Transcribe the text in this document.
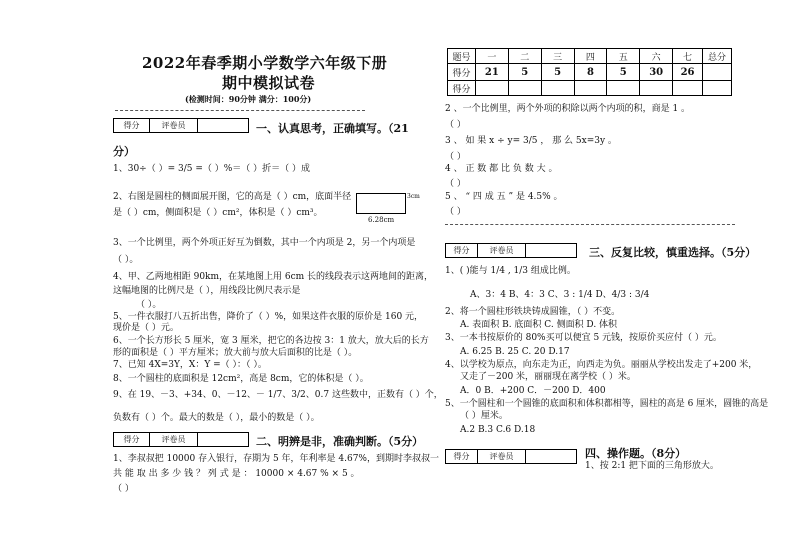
2022年春季期小学数学六年级下册
期中模拟试卷
(检测时间：90分钟 满分：100分)
得分	评卷员	一、认真思考，正确填写。（21
分）
1、30÷（ ）= 3/5 =（ ）%＝（ ）折＝（ ）成
2、右图是圆柱的侧面展开图，它的高是（ ）cm，底面半径
是（ ）cm，侧面积是（ ）cm²，体积是（ ）cm³。
3cm
6.28cm
3、一个比例里，两个外项正好互为倒数，其中一个内项是 2，另一个内项是
（ ）。
4、甲、乙两地相距 90km，在某地图上用 6cm 长的线段表示这两地间的距离，
这幅地图的比例尺是（ ），用线段比例尺表示是
（ ）。
5、一件衣服打八五折出售，降价了（ ）%，如果这件衣服的原价是 160 元，
现价是（ ）元。
6、一个长方形长 5 厘米，宽 3 厘米，把它的各边按 3：1 放大，放大后的长方
形的面积是（ ）平方厘米；放大前与放大后面积的比是（ ）。
7、已知 4X=3Y，X：Y =（ ）：（ ）。
8、一个圆柱的底面积是 12cm²，高是 8cm，它的体积是（ ）。
9、在 19、－3、+34、0、－12、－ 1/7、3/2、0.7 这些数中，正数有（ ）个，
负数有（ ）个。最大的数是（ ），最小的数是（ ）。
得分	评卷员	二、明辨是非，准确判断。（5分）
1、李叔叔把 10000 存入银行，存期为 5 年，年利率是 4.67%，到期时李叔叔一
共 能 取 出 多 少 钱 ？ 列 式 是 ： 10000 × 4.67 % × 5 。
（ ）
题号	一	二	三	四	五	六	七	总分
得分	21	5	5	8	5	30	26	
得分								
2 、一个比例里，两个外项的积除以两个内项的积，商是 1 。
（ ）
3 、 如 果 x ÷ y= 3/5 ， 那 么 5x=3y 。
（ ）
4 、 正 数 都 比 负 数 大 。
（ ）
5 、 “ 四 成 五 ” 是 4.5% 。
（ ）
得分	评卷员	三、反复比较，慎重选择。（5分）
1、( )能与 1/4 , 1/3 组成比例。
A、3：4 B、4：3 C、3 : 1/4 D、4/3 : 3/4
2、将一个圆柱形铁块铸成圆锥，（ ）不变。
A. 表面积 B. 底面积 C. 侧面积 D. 体积
3、一本书按原价的 80%买可以便宜 5 元钱，按原价买应付（ ）元。
A. 6.25 B. 25 C. 20 D.17
4、以学校为原点，向东走为正，向西走为负。丽丽从学校出发走了+200 米，
又走了－200 米，丽丽现在离学校（ ）米。
A．0 B．+200 C．－200 D．400
5、一个圆柱和一个圆锥的底面积和体积都相等，圆柱的高是 6 厘米，圆锥的高是
（ ）厘米。
A.2 B.3 C.6 D.18
得分	评卷员	四、操作题。（8分）
1、按 2:1 把下面的三角形放大。
